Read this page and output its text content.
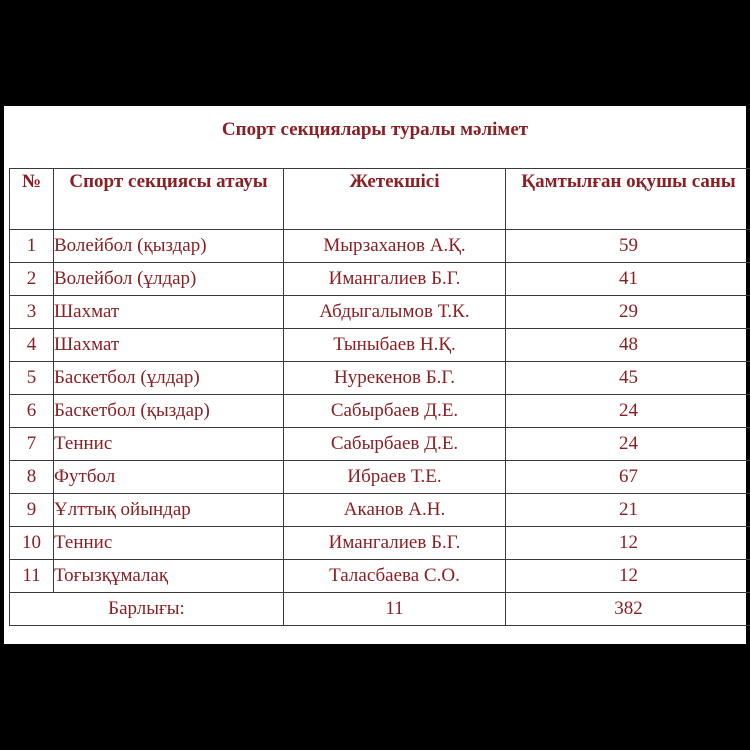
Спорт секциялары туралы мәлімет
№	Спорт секциясы атауы	Жетекшісі	Қамтылған оқушы саны
1	Волейбол (қыздар)	Мырзаханов А.Қ.	59
2	Волейбол (ұлдар)	Имангалиев Б.Г.	41
3	Шахмат	Абдыгалымов Т.К.	29
4	Шахмат	Тыныбаев Н.Қ.	48
5	Баскетбол (ұлдар)	Нурекенов Б.Г.	45
6	Баскетбол (қыздар)	Сабырбаев Д.Е.	24
7	Теннис	Сабырбаев Д.Е.	24
8	Футбол	Ибраев Т.Е.	67
9	Ұлттық ойындар	Аканов А.Н.	21
10	Теннис	Имангалиев Б.Г.	12
11	Тоғызқұмалақ	Таласбаева С.О.	12
Барлығы:		11	382
